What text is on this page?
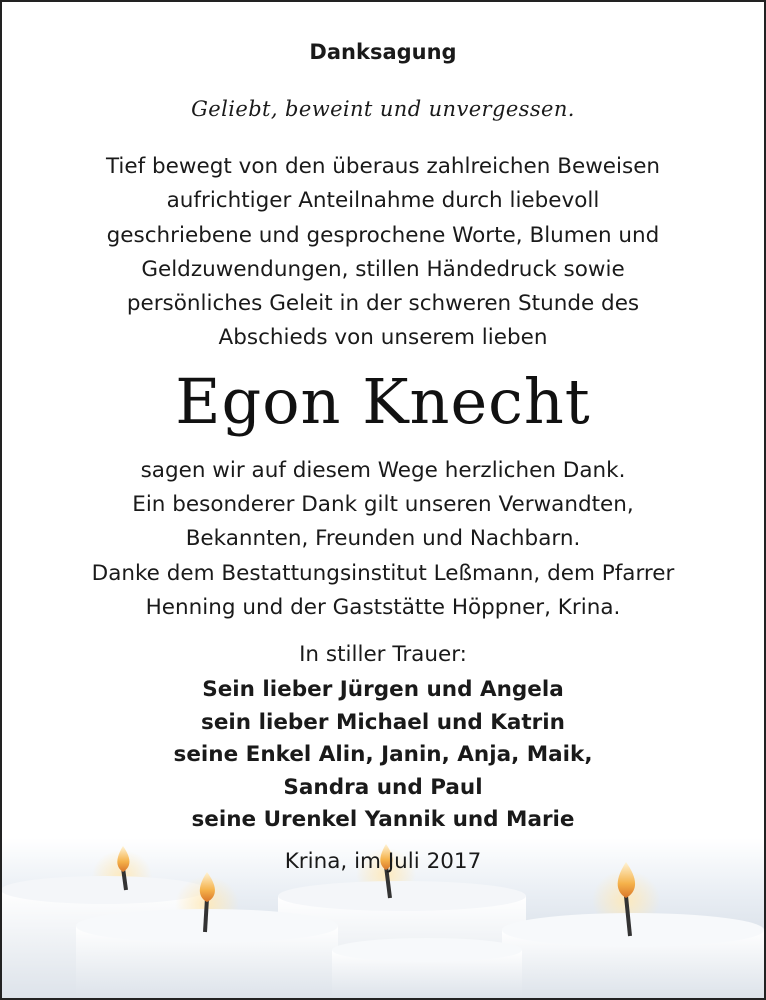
Danksagung
Geliebt, beweint und unvergessen.
Tief bewegt von den überaus zahlreichen Beweisen
aufrichtiger Anteilnahme durch liebevoll
geschriebene und gesprochene Worte, Blumen und
Geldzuwendungen, stillen Händedruck sowie
persönliches Geleit in der schweren Stunde des
Abschieds von unserem lieben
Egon Knecht
sagen wir auf diesem Wege herzlichen Dank.
Ein besonderer Dank gilt unseren Verwandten,
Bekannten, Freunden und Nachbarn.
Danke dem Bestattungsinstitut Leßmann, dem Pfarrer
Henning und der Gaststätte Höppner, Krina.
In stiller Trauer:
Sein lieber Jürgen und Angela
sein lieber Michael und Katrin
seine Enkel Alin, Janin, Anja, Maik,
Sandra und Paul
seine Urenkel Yannik und Marie
Krina, im Juli 2017
